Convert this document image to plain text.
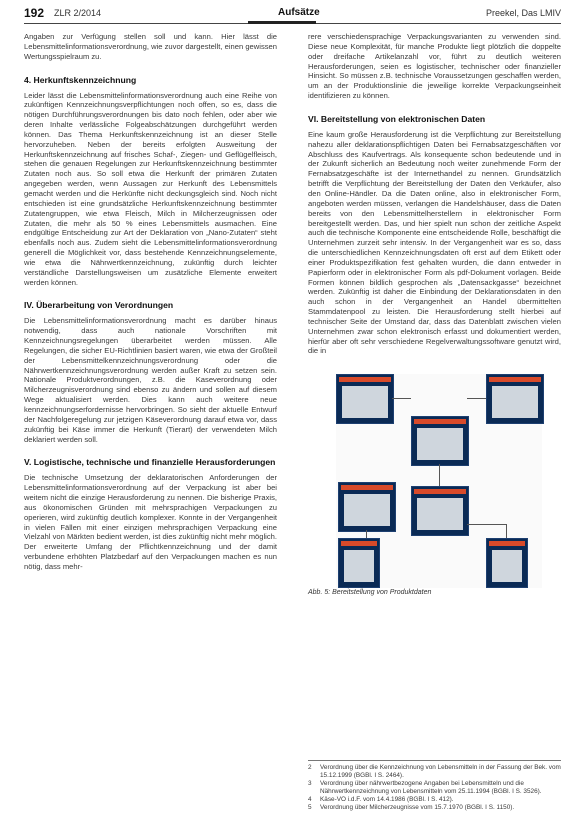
192 ZLR 2/2014	Aufsätze	Preekel, Das LMIV

Angaben zur Verfügung stellen soll und kann. Hier lässt die Lebensmittelinformationsverordnung, wie zuvor dargestellt, einen gewissen Wertungsspielraum zu.

4. Herkunftskennzeichnung

Leider lässt die Lebensmittelinformationsverordnung auch eine Reihe von zukünftigen Kennzeichnungsverpflichtungen noch offen, so es, dass die nötigen Durchführungsverordnungen bis dato noch fehlen, oder aber wie deren Inhalte verlässliche Folgeabschätzungen durchgeführt werden können. Das Thema Herkunftskennzeichnung ist an dieser Stelle hervorzuheben. Neben der bereits erfolgten Ausweitung der Herkunftskennzeichnung auf frisches Schaf-, Ziegen- und Geflügelfleisch, stehen die genauen Regelungen zur Herkunftskennzeichnung bestimmter Zutaten noch aus. So soll etwa die Herkunft der primären Zutaten angegeben werden, wenn Aussagen zur Herkunft des Lebensmittels gemacht werden und die Herkünfte nicht deckungsgleich sind. Noch nicht entschieden ist eine grundsätzliche Herkunftskennzeichnung bestimmter Zutatengruppen, wie etwa Fleisch, Milch in Milcherzeugnissen oder Zutaten, die mehr als 50 % eines Lebensmittels ausmachen. Eine endgültige Entscheidung zur Art der Deklaration von „Nano-Zutaten“ steht ebenfalls noch aus. Zudem sieht die Lebensmittelinformationsverordnung generell die Möglichkeit vor, dass bestehende Kennzeichnungselemente, wie etwa die Nährwertkennzeichnung, zukünftig durch leichter verständliche Darstellungsweisen um zusätzliche Elemente erweitert werden können.

IV. Überarbeitung von Verordnungen

Die Lebensmittelinformationsverordnung macht es darüber hinaus notwendig, dass auch nationale Vorschriften mit Kennzeichnungsregelungen überarbeitet werden müssen. Alle Regelungen, die sicher EU-Richtlinien basiert waren, wie etwa der Großteil der Lebensmittelkennzeichnungsverordnung oder die Nährwertkennzeichnungsverordnung werden außer Kraft zu setzen sein. Nationale Produktverordnungen, z.B. die Kaseverordnung oder Milcherzeugnisverordnung sind ebenso zu ändern und sollen auf diesem Wege aktualisiert werden. Dies kann auch weitere neue kennzeichnungserfordernisse hervorbringen. So sieht der aktuelle Entwurf der Nachfolgeregelung zur jetzigen Käseverordnung darauf etwa vor, dass zukünftig bei Käse immer die Herkunft (Tierart) der verwendeten Milch deklariert werden soll.

V. Logistische, technische und finanzielle Herausforderungen

Die technische Umsetzung der deklaratorischen Anforderungen der Lebensmittelinformationsverordnung auf der Verpackung ist aber bei weitem nicht die einzige Herausforderung zu nennen. Die bisherige Praxis, aus ökonomischen Gründen mit mehrsprachigen Verpackungen zu operieren, wird zukünftig deutlich komplexer. Konnte in der Vergangenheit in vielen Fällen mit einer einzigen mehrsprachigen Verpackung eine Vielzahl von Märkten bedient werden, ist dies zukünftig nicht mehr möglich. Der erweiterte Umfang der Pflichtkennzeichnung und der damit verbundene erhöhten Platzbedarf auf den Verpackungen machen es nun nötig, dass mehr-

rere verschiedensprachige Verpackungsvarianten zu verwenden sind. Diese neue Komplexität, für manche Produkte liegt plötzlich die doppelte oder dreifache Artikelanzahl vor, führt zu deutlich weiteren Herausforderungen, seien es logistischer, technischer oder finanzieller Hinsicht. So müssen z.B. technische Voraussetzungen geschaffen werden, um an der Produktionslinie die jeweilige korrekte Verpackungseinheit identifizieren zu können.

VI. Bereitstellung von elektronischen Daten

Eine kaum große Herausforderung ist die Verpflichtung zur Bereitstellung nahezu aller deklarationspflichtigen Daten bei Fernabsatzgeschäften vor Abschluss des Kaufvertrags. Als konsequente schon bedeutende und in der Zukunft sicherlich an Bedeutung noch weiter zunehmende Form der Fernabsatzgeschäfte ist der Internethandel zu nennen. Grundsätzlich betrifft die Verpflichtung der Bereitstellung der Daten den Verkäufer, also den Online-Händler. Da die Daten online, also in elektronischer Form, angeboten werden müssen, verlangen die Handelshäuser, dass die Daten bereits von den Lebensmittelherstellern in elektronischer Form bereitgestellt werden. Das, und hier spielt nun schon der zeitliche Aspekt auch die technische Komponente eine entscheidende Rolle, beschäftigt die Unternehmen zurzeit sehr intensiv. In der Vergangenheit war es so, dass die unterschiedlichen Kennzeichnungsdaten oft erst auf dem Etikett oder einer Produktspezifikation fest gehalten wurden, die dann entweder in Papierform oder in elektronischer Form als pdf-Dokument vorlagen. Beide Formen können bildlich gesprochen als „Datensackgasse“ bezeichnet werden. Zukünftig ist daher die Einbindung der Deklarationsdaten in den auch schon in der Vergangenheit an Handel übermittelten Stammdatenpool zu leisten. Die Herausforderung stellt hierbei auf technischer Seite der Umstand dar, dass das Datenblatt zwischen vielen Unternehmen zwar schon elektronisch erfasst und dokumentiert werden, hierfür aber oft sehr verschiedene Regelverwaltungssoftware genutzt wird, die in

Abb. 5: Bereitstellung von Produktdaten

2	Verordnung über die Kennzeichnung von Lebensmitteln in der Fassung der Bek. vom 15.12.1999 (BGBl. I S. 2464).
3	Verordnung über nährwertbezogene Angaben bei Lebensmitteln und die Nährwertkennzeichnung von Lebensmitteln vom 25.11.1994 (BGBl. I S. 3526).
4	Käse-VO i.d.F. vom 14.4.1986 (BGBl. I S. 412).
5	Verordnung über Milcherzeugnisse vom 15.7.1970 (BGBl. I S. 1150).
